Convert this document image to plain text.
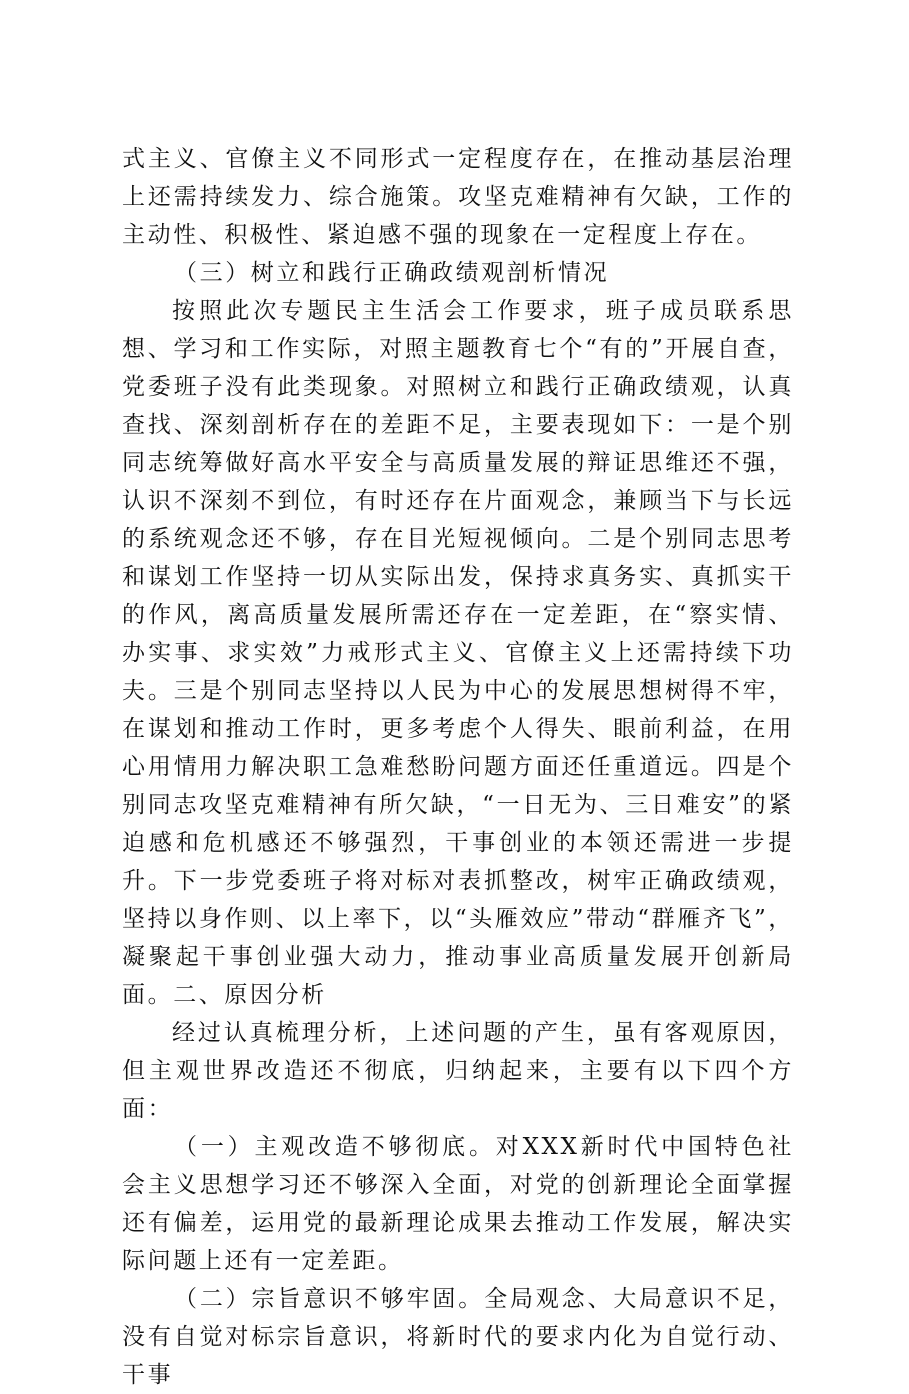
式主义、官僚主义不同形式一定程度存在，在推动基层治理上还需持续发力、综合施策。攻坚克难精神有欠缺，工作的主动性、积极性、紧迫感不强的现象在一定程度上存在。

（三）树立和践行正确政绩观剖析情况

按照此次专题民主生活会工作要求，班子成员联系思想、学习和工作实际，对照主题教育七个“有的”开展自查，党委班子没有此类现象。对照树立和践行正确政绩观，认真查找、深刻剖析存在的差距不足，主要表现如下：一是个别同志统筹做好高水平安全与高质量发展的辩证思维还不强，认识不深刻不到位，有时还存在片面观念，兼顾当下与长远的系统观念还不够，存在目光短视倾向。二是个别同志思考和谋划工作坚持一切从实际出发，保持求真务实、真抓实干的作风，离高质量发展所需还存在一定差距，在“察实情、办实事、求实效”力戒形式主义、官僚主义上还需持续下功夫。三是个别同志坚持以人民为中心的发展思想树得不牢，在谋划和推动工作时，更多考虑个人得失、眼前利益，在用心用情用力解决职工急难愁盼问题方面还任重道远。四是个别同志攻坚克难精神有所欠缺，“一日无为、三日难安”的紧迫感和危机感还不够强烈，干事创业的本领还需进一步提升。下一步党委班子将对标对表抓整改，树牢正确政绩观，坚持以身作则、以上率下，以“头雁效应”带动“群雁齐飞”，凝聚起干事创业强大动力，推动事业高质量发展开创新局面。二、原因分析

经过认真梳理分析，上述问题的产生，虽有客观原因，但主观世界改造还不彻底，归纳起来，主要有以下四个方面：

（一）主观改造不够彻底。对XXX新时代中国特色社会主义思想学习还不够深入全面，对党的创新理论全面掌握还有偏差，运用党的最新理论成果去推动工作发展，解决实际问题上还有一定差距。

（二）宗旨意识不够牢固。全局观念、大局意识不足，没有自觉对标宗旨意识，将新时代的要求内化为自觉行动、干事
